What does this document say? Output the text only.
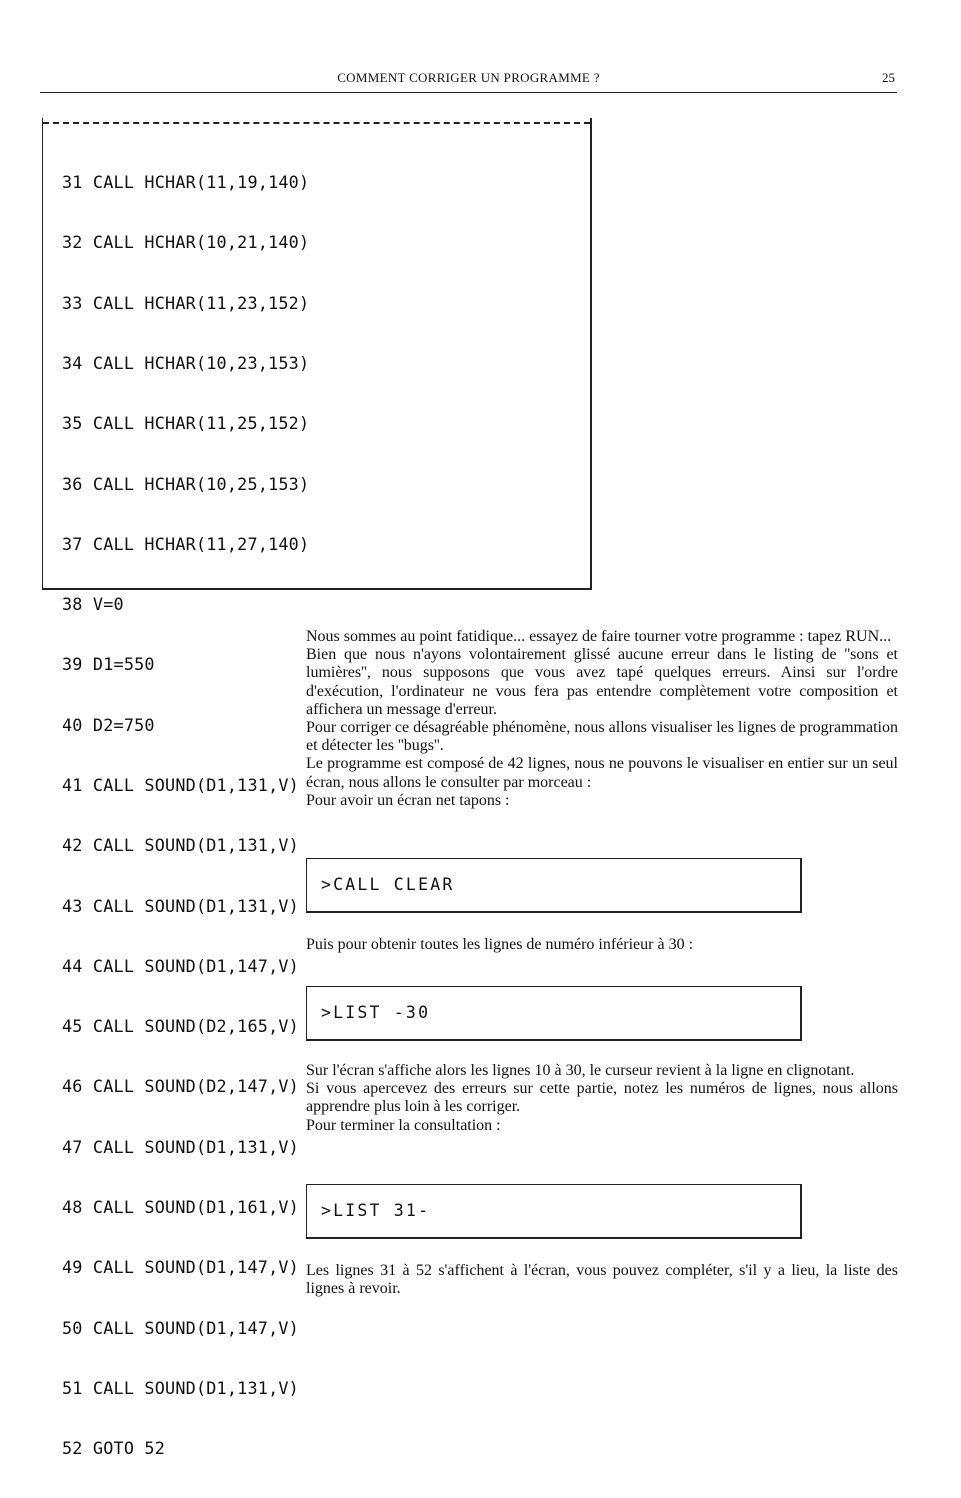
COMMENT CORRIGER UN PROGRAMME ?	25

31 CALL HCHAR(11,19,140)

32 CALL HCHAR(10,21,140)

33 CALL HCHAR(11,23,152)

34 CALL HCHAR(10,23,153)

35 CALL HCHAR(11,25,152)

36 CALL HCHAR(10,25,153)

37 CALL HCHAR(11,27,140)

38 V=0

39 D1=550

40 D2=750

41 CALL SOUND(D1,131,V)

42 CALL SOUND(D1,131,V)

43 CALL SOUND(D1,131,V)

44 CALL SOUND(D1,147,V)

45 CALL SOUND(D2,165,V)

46 CALL SOUND(D2,147,V)

47 CALL SOUND(D1,131,V)

48 CALL SOUND(D1,161,V)

49 CALL SOUND(D1,147,V)

50 CALL SOUND(D1,147,V)

51 CALL SOUND(D1,131,V)

52 GOTO 52

Nous sommes au point fatidique... essayez de faire tourner votre programme : tapez RUN...

Bien que nous n'ayons volontairement glissé aucune erreur dans le listing de ''sons et lumières'', nous supposons que vous avez tapé quelques erreurs. Ainsi sur l'ordre d'exécution, l'ordinateur ne vous fera pas entendre complètement votre composition et affichera un message d'erreur.

Pour corriger ce désagréable phénomène, nous allons visualiser les lignes de programmation et détecter les ''bugs''.

Le programme est composé de 42 lignes, nous ne pouvons le visualiser en entier sur un seul écran, nous allons le consulter par morceau :

Pour avoir un écran net tapons :

>CALL CLEAR

Puis pour obtenir toutes les lignes de numéro inférieur à 30 :

>LIST -30

Sur l'écran s'affiche alors les lignes 10 à 30, le curseur revient à la ligne en clignotant.

Si vous apercevez des erreurs sur cette partie, notez les numéros de lignes, nous allons apprendre plus loin à les corriger.

Pour terminer la consultation :

>LIST 31-

Les lignes 31 à 52 s'affichent à l'écran, vous pouvez compléter, s'il y a lieu, la liste des lignes à revoir.
